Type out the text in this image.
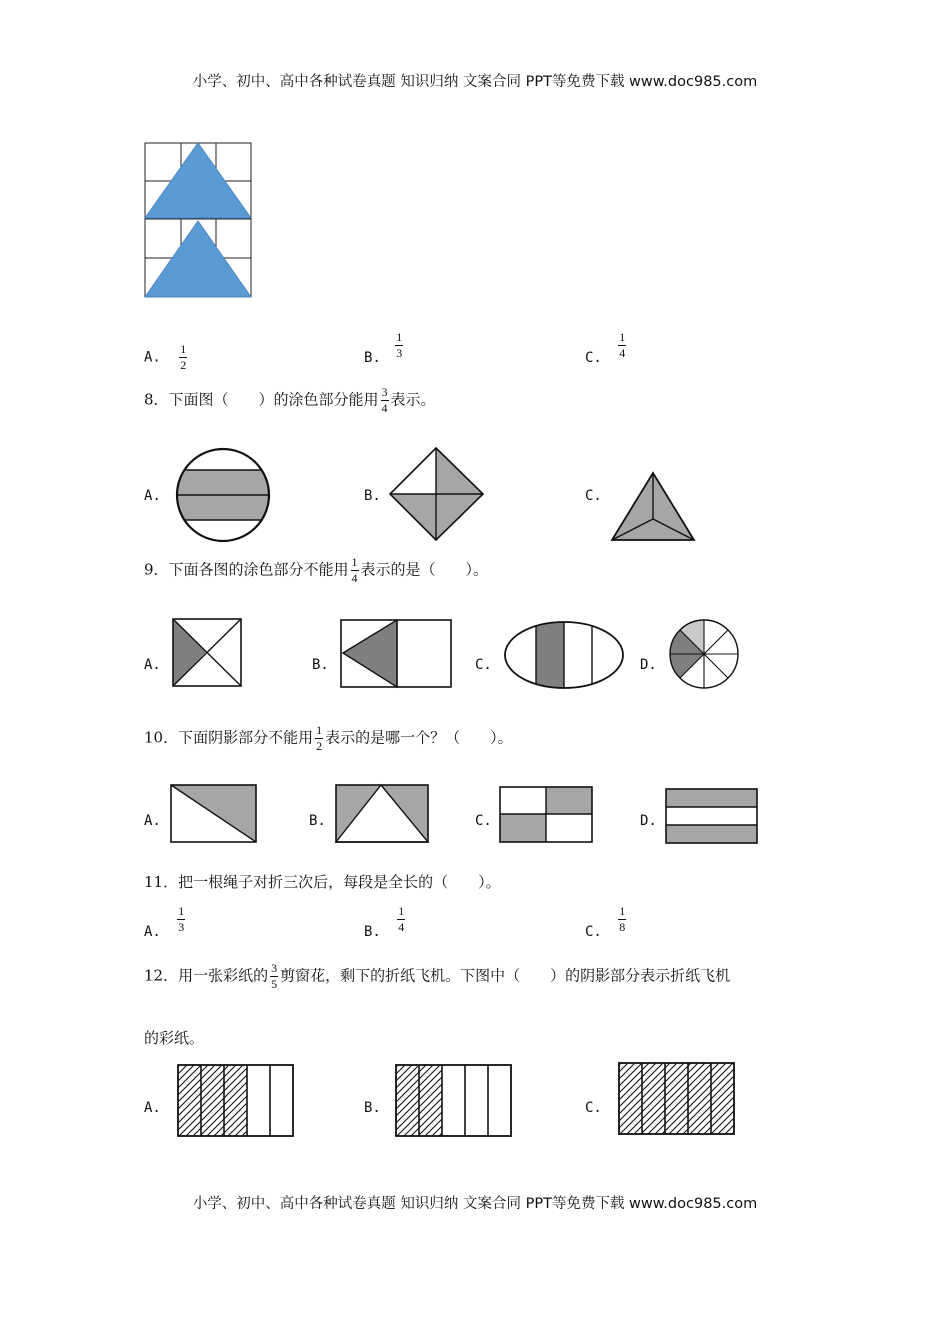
小学、初中、高中各种试卷真题 知识归纳 文案合同 PPT等免费下载 www.doc985.com
A. $\frac{1}{2}$	B. $\frac{1}{3}$	C. $\frac{1}{4}$
8．下面图（　　）的涂色部分能用 $\frac{3}{4}$ 表示。
A.	B.	C.
9．下面各图的涂色部分不能用 $\frac{1}{4}$ 表示的是（　　）。
A.	B.	C.	D.
10．下面阴影部分不能用 $\frac{1}{2}$ 表示的是哪一个？（　　）。
A.	B.	C.	D.
11．把一根绳子对折三次后，每段是全长的（　　）。
A. $\frac{1}{3}$	B. $\frac{1}{4}$	C. $\frac{1}{8}$
12．用一张彩纸的 $\frac{3}{5}$ 剪窗花，剩下的折纸飞机。下图中（　　）的阴影部分表示折纸飞机
的彩纸。
A.	B.	C.
小学、初中、高中各种试卷真题 知识归纳 文案合同 PPT等免费下载 www.doc985.com
